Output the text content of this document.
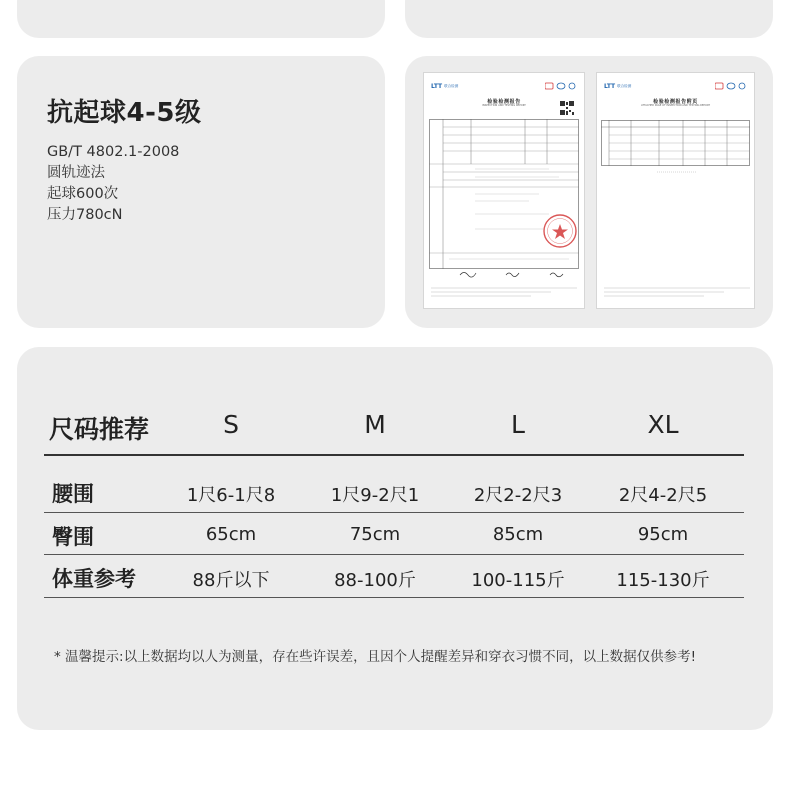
抗起球4-5级
GB/T 4802.1-2008
圆轨迹法
起球600次
压力780cN
LTT 联合检测
检验检测报告
INSPECTION AND TESTING REPORT
LTT 联合检测
检验检测报告附页
ATTACHED PAGE OF INSPECTION AND TESTING REPORT
尺码推荐	S	M	L	XL
腰围	1尺6-1尺8	1尺9-2尺1	2尺2-2尺3	2尺4-2尺5
臀围	65cm	75cm	85cm	95cm
体重参考	88斤以下	88-100斤	100-115斤	115-130斤
* 温馨提示:以上数据均以人为测量，存在些许误差，且因个人提醒差异和穿衣习惯不同，以上数据仅供参考!
